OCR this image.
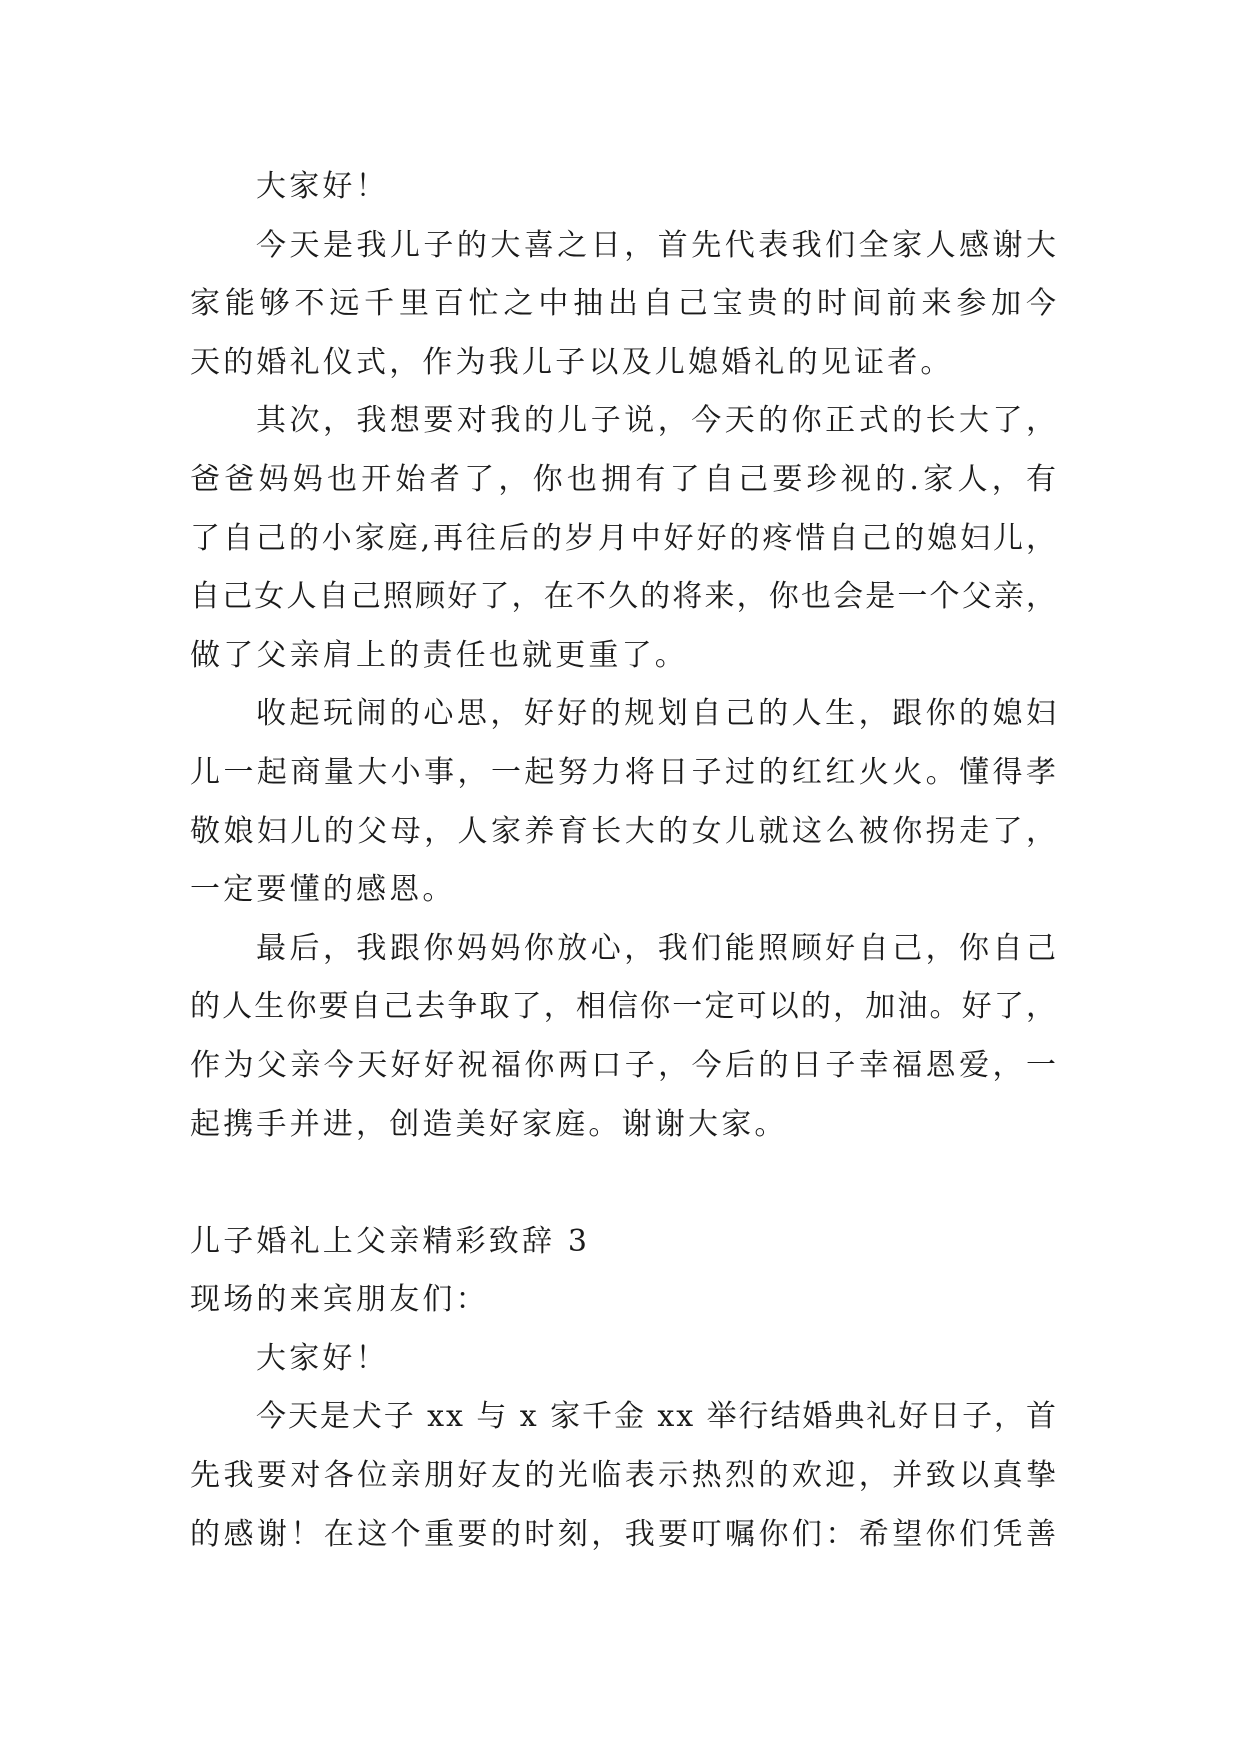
大家好！
今天是我儿子的大喜之日，首先代表我们全家人感谢大
家能够不远千里百忙之中抽出自己宝贵的时间前来参加今
天的婚礼仪式，作为我儿子以及儿媳婚礼的见证者。
其次，我想要对我的儿子说，今天的你正式的长大了，
爸爸妈妈也开始者了，你也拥有了自己要珍视的.家人，有
了自己的小家庭,再往后的岁月中好好的疼惜自己的媳妇儿，
自己女人自己照顾好了，在不久的将来，你也会是一个父亲，
做了父亲肩上的责任也就更重了。
收起玩闹的心思，好好的规划自己的人生，跟你的媳妇
儿一起商量大小事，一起努力将日子过的红红火火。懂得孝
敬娘妇儿的父母，人家养育长大的女儿就这么被你拐走了，
一定要懂的感恩。
最后，我跟你妈妈你放心，我们能照顾好自己，你自己
的人生你要自己去争取了，相信你一定可以的，加油。好了，
作为父亲今天好好祝福你两口子，今后的日子幸福恩爱，一
起携手并进，创造美好家庭。谢谢大家。
儿子婚礼上父亲精彩致辞 3
现场的来宾朋友们：
大家好！
今天是犬子 xx 与 x 家千金 xx 举行结婚典礼好日子，首
先我要对各位亲朋好友的光临表示热烈的欢迎，并致以真挚
的感谢！在这个重要的时刻，我要叮嘱你们：希望你们凭善
